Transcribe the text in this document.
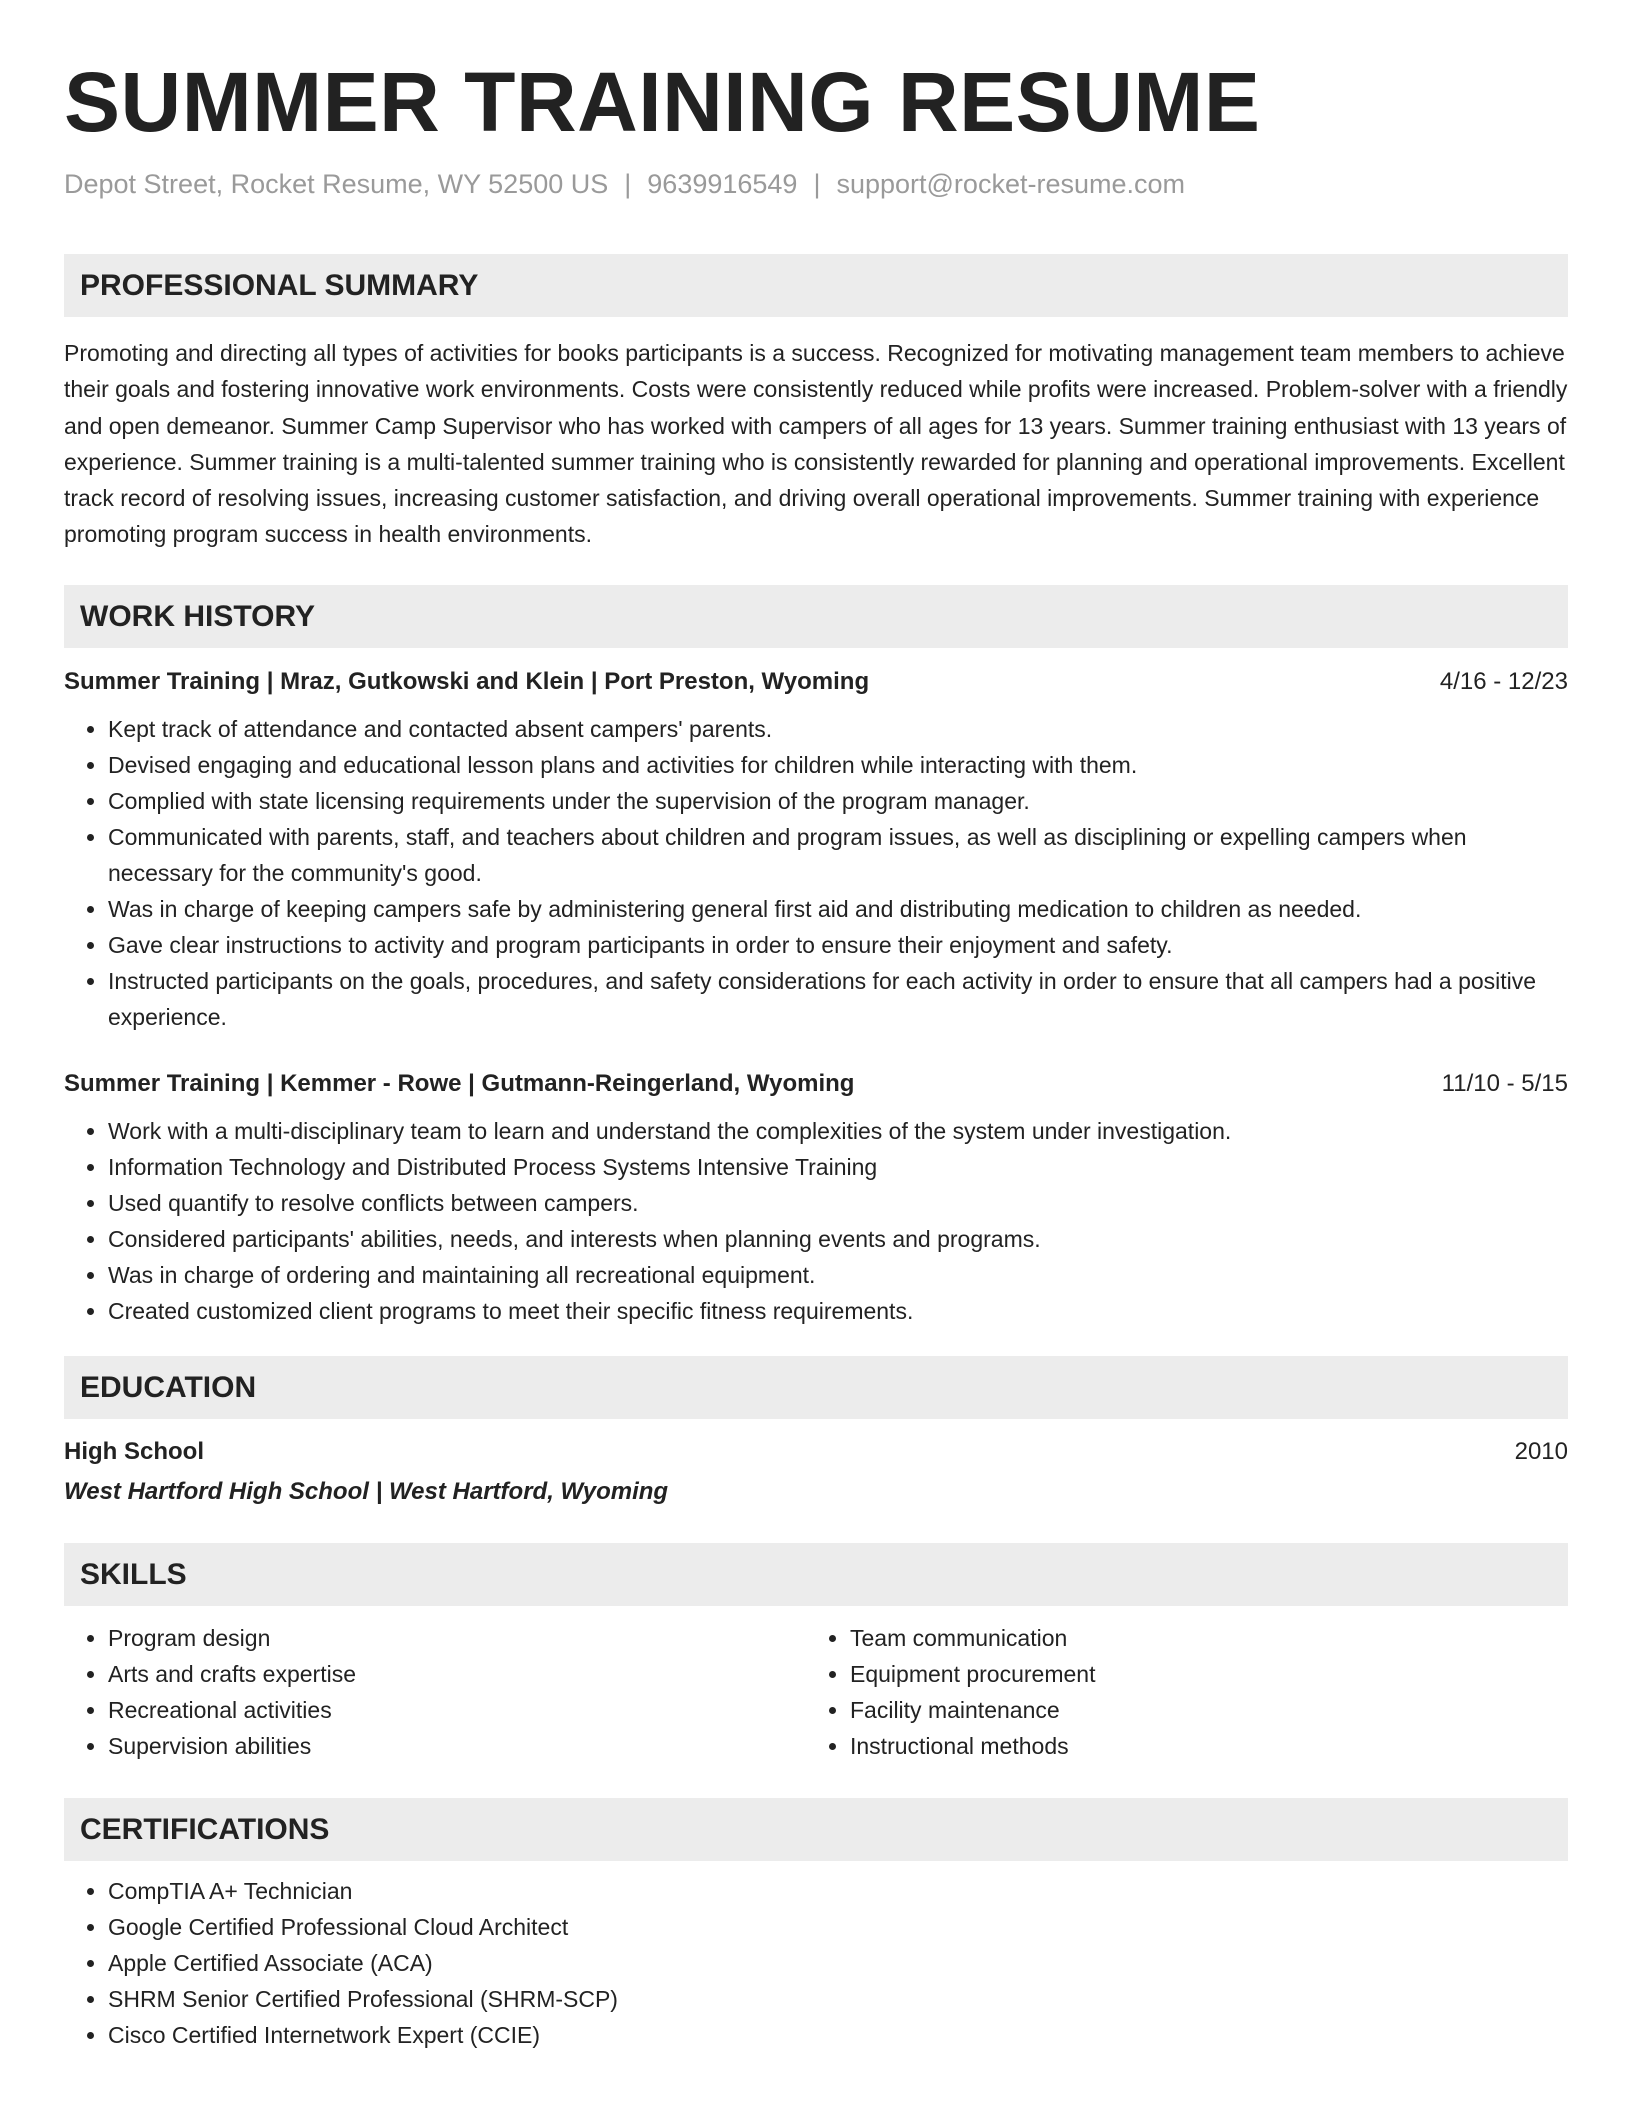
SUMMER TRAINING RESUME
Depot Street, Rocket Resume, WY 52500 US | 9639916549 | support@rocket-resume.com
PROFESSIONAL SUMMARY
Promoting and directing all types of activities for books participants is a success. Recognized for motivating management team members to achieve their goals and fostering innovative work environments. Costs were consistently reduced while profits were increased. Problem-solver with a friendly and open demeanor. Summer Camp Supervisor who has worked with campers of all ages for 13 years. Summer training enthusiast with 13 years of experience. Summer training is a multi-talented summer training who is consistently rewarded for planning and operational improvements. Excellent track record of resolving issues, increasing customer satisfaction, and driving overall operational improvements. Summer training with experience promoting program success in health environments.
WORK HISTORY
Summer Training | Mraz, Gutkowski and Klein | Port Preston, Wyoming	4/16 - 12/23
• Kept track of attendance and contacted absent campers' parents.
• Devised engaging and educational lesson plans and activities for children while interacting with them.
• Complied with state licensing requirements under the supervision of the program manager.
• Communicated with parents, staff, and teachers about children and program issues, as well as disciplining or expelling campers when necessary for the community's good.
• Was in charge of keeping campers safe by administering general first aid and distributing medication to children as needed.
• Gave clear instructions to activity and program participants in order to ensure their enjoyment and safety.
• Instructed participants on the goals, procedures, and safety considerations for each activity in order to ensure that all campers had a positive experience.
Summer Training | Kemmer - Rowe | Gutmann-Reingerland, Wyoming	11/10 - 5/15
• Work with a multi-disciplinary team to learn and understand the complexities of the system under investigation.
• Information Technology and Distributed Process Systems Intensive Training
• Used quantify to resolve conflicts between campers.
• Considered participants' abilities, needs, and interests when planning events and programs.
• Was in charge of ordering and maintaining all recreational equipment.
• Created customized client programs to meet their specific fitness requirements.
EDUCATION
High School	2010
West Hartford High School | West Hartford, Wyoming
SKILLS
• Program design
• Arts and crafts expertise
• Recreational activities
• Supervision abilities
• Team communication
• Equipment procurement
• Facility maintenance
• Instructional methods
CERTIFICATIONS
• CompTIA A+ Technician
• Google Certified Professional Cloud Architect
• Apple Certified Associate (ACA)
• SHRM Senior Certified Professional (SHRM-SCP)
• Cisco Certified Internetwork Expert (CCIE)
